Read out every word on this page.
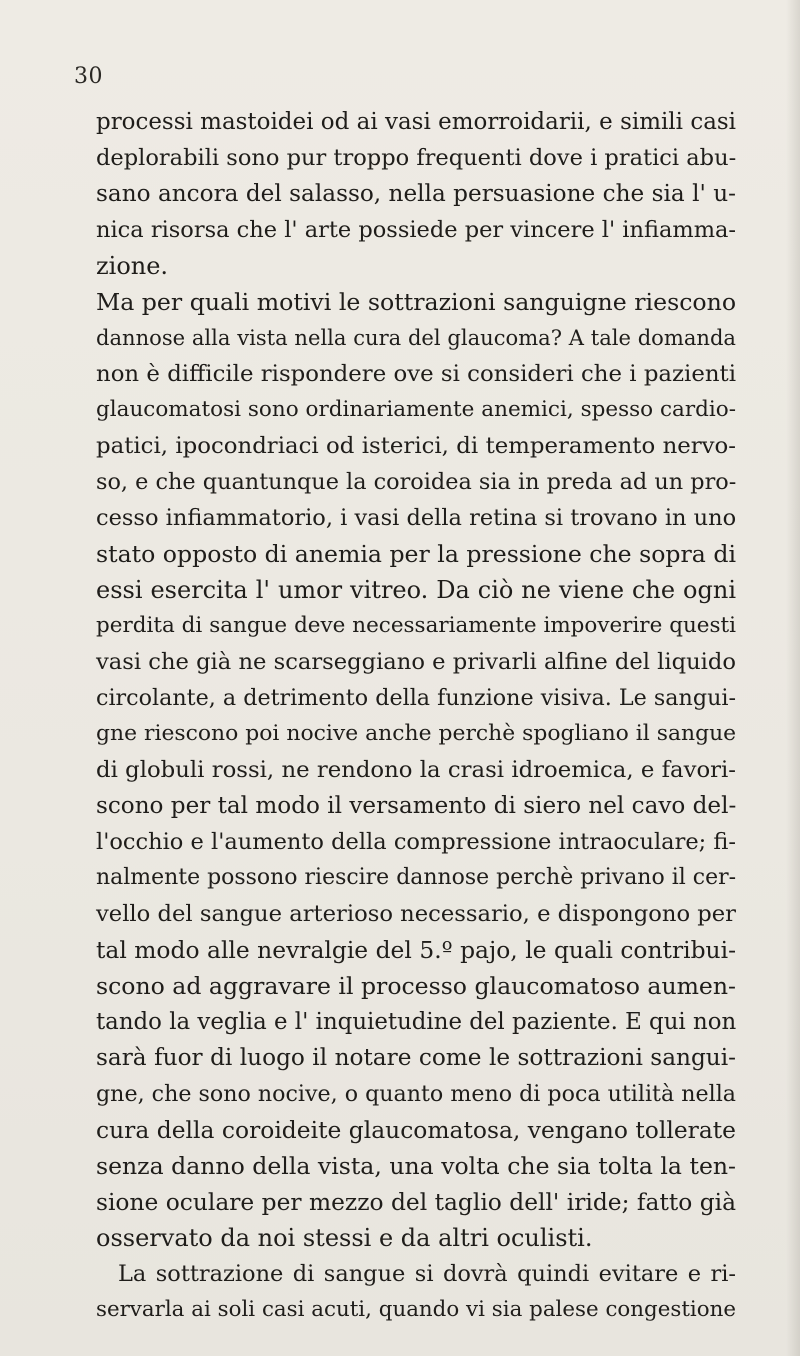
30
processi mastoidei od ai vasi emorroidarii, e simili casi
deplorabili sono pur troppo frequenti dove i pratici abu-
sano ancora del salasso, nella persuasione che sia l' u-
nica risorsa che l' arte possiede per vincere l' infiamma-
zione.
Ma per quali motivi le sottrazioni sanguigne riescono
dannose alla vista nella cura del glaucoma? A tale domanda
non è difficile rispondere ove si consideri che i pazienti
glaucomatosi sono ordinariamente anemici, spesso cardio-
patici, ipocondriaci od isterici, di temperamento nervo-
so, e che quantunque la coroidea sia in preda ad un pro-
cesso infiammatorio, i vasi della retina si trovano in uno
stato opposto di anemia per la pressione che sopra di
essi esercita l' umor vitreo. Da ciò ne viene che ogni
perdita di sangue deve necessariamente impoverire questi
vasi che già ne scarseggiano e privarli alfine del liquido
circolante, a detrimento della funzione visiva. Le sangui-
gne riescono poi nocive anche perchè spogliano il sangue
di globuli rossi, ne rendono la crasi idroemica, e favori-
scono per tal modo il versamento di siero nel cavo del-
l'occhio e l'aumento della compressione intraoculare; fi-
nalmente possono riescire dannose perchè privano il cer-
vello del sangue arterioso necessario, e dispongono per
tal modo alle nevralgie del 5.º pajo, le quali contribui-
scono ad aggravare il processo glaucomatoso aumen-
tando la veglia e l' inquietudine del paziente. E qui non
sarà fuor di luogo il notare come le sottrazioni sangui-
gne, che sono nocive, o quanto meno di poca utilità nella
cura della coroideite glaucomatosa, vengano tollerate
senza danno della vista, una volta che sia tolta la ten-
sione oculare per mezzo del taglio dell' iride; fatto già
osservato da noi stessi e da altri oculisti.
La sottrazione di sangue si dovrà quindi evitare e ri-
servarla ai soli casi acuti, quando vi sia palese congestione
